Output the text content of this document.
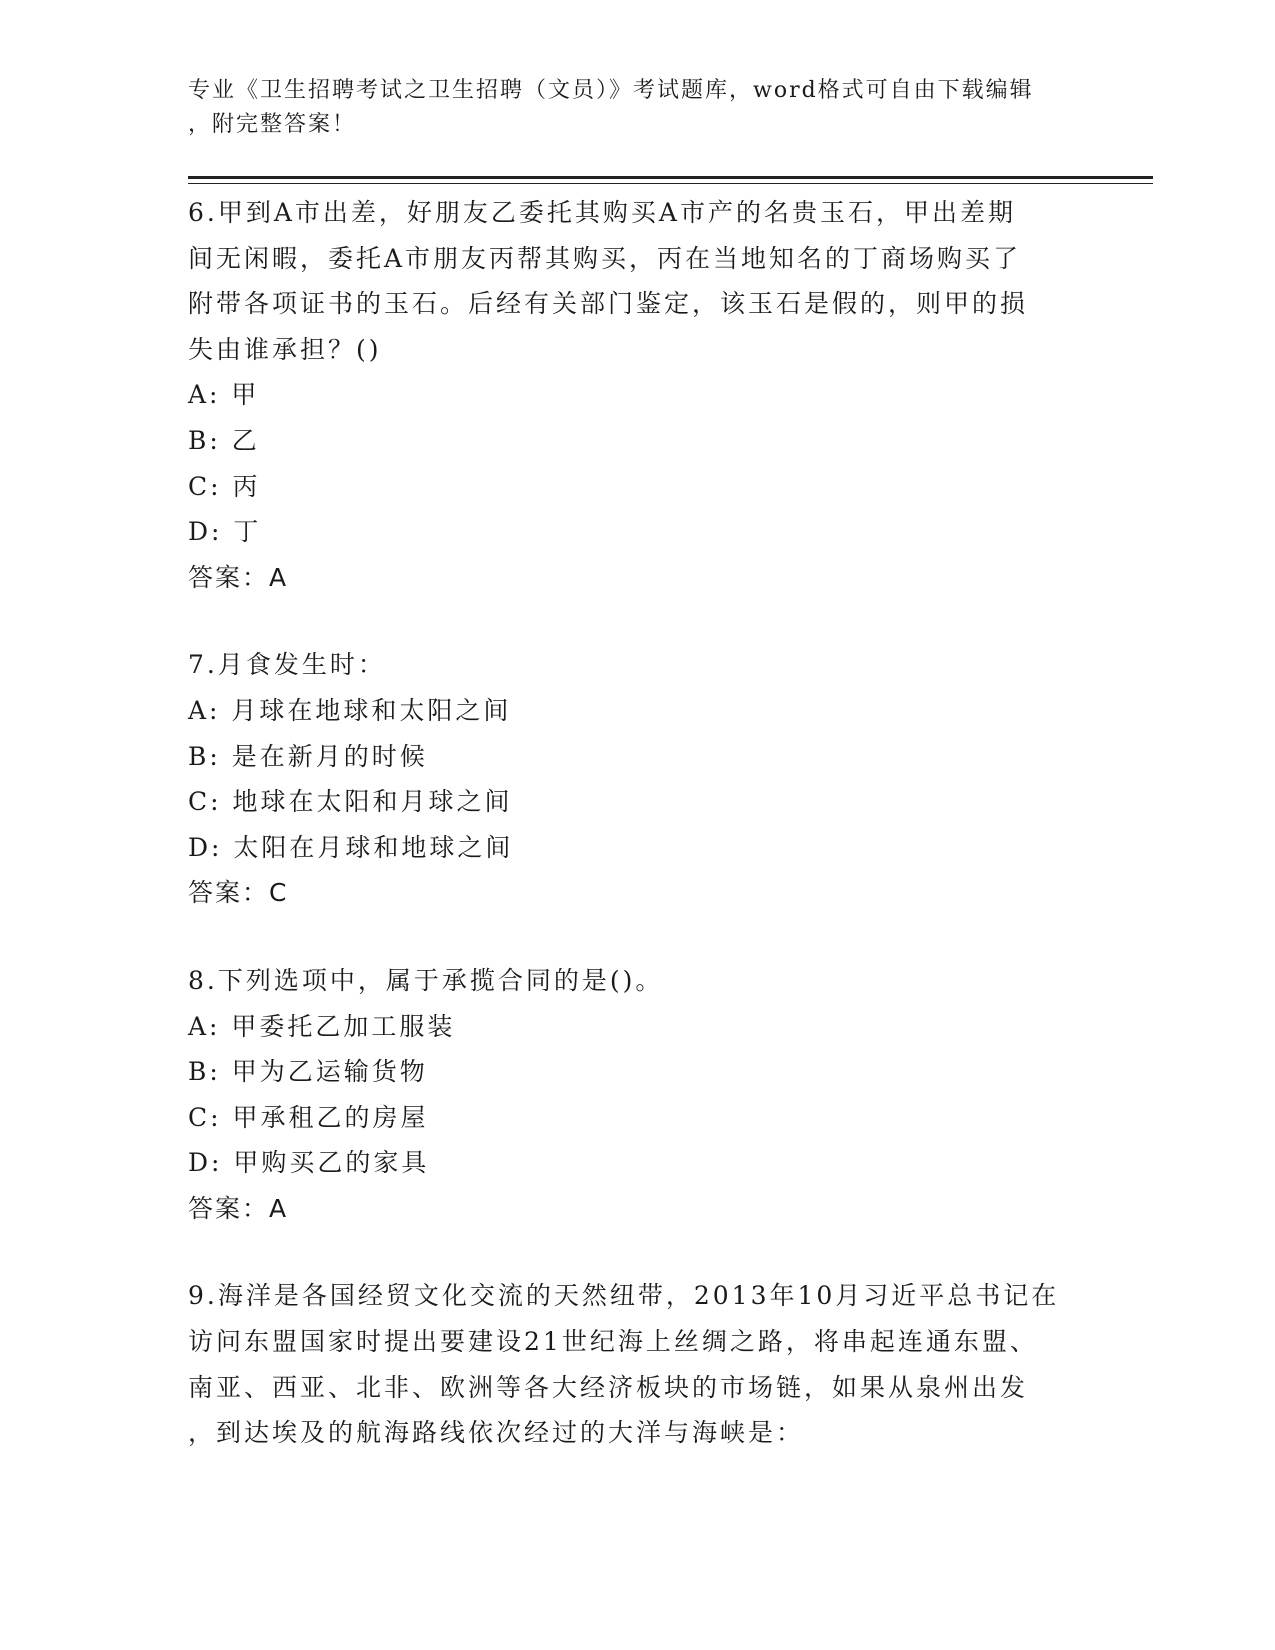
专业《卫生招聘考试之卫生招聘（文员）》考试题库，word格式可自由下载编辑
，附完整答案！
6.甲到A市出差，好朋友乙委托其购买A市产的名贵玉石，甲出差期
间无闲暇，委托A市朋友丙帮其购买，丙在当地知名的丁商场购买了
附带各项证书的玉石。后经有关部门鉴定，该玉石是假的，则甲的损
失由谁承担？()
A: 甲
B: 乙
C: 丙
D: 丁
答案：A
7.月食发生时：
A: 月球在地球和太阳之间
B: 是在新月的时候
C: 地球在太阳和月球之间
D: 太阳在月球和地球之间
答案：C
8.下列选项中，属于承揽合同的是()。
A: 甲委托乙加工服装
B: 甲为乙运输货物
C: 甲承租乙的房屋
D: 甲购买乙的家具
答案：A
9.海洋是各国经贸文化交流的天然纽带，2013年10月习近平总书记在
访问东盟国家时提出要建设21世纪海上丝绸之路，将串起连通东盟、
南亚、西亚、北非、欧洲等各大经济板块的市场链，如果从泉州出发
，到达埃及的航海路线依次经过的大洋与海峡是：
